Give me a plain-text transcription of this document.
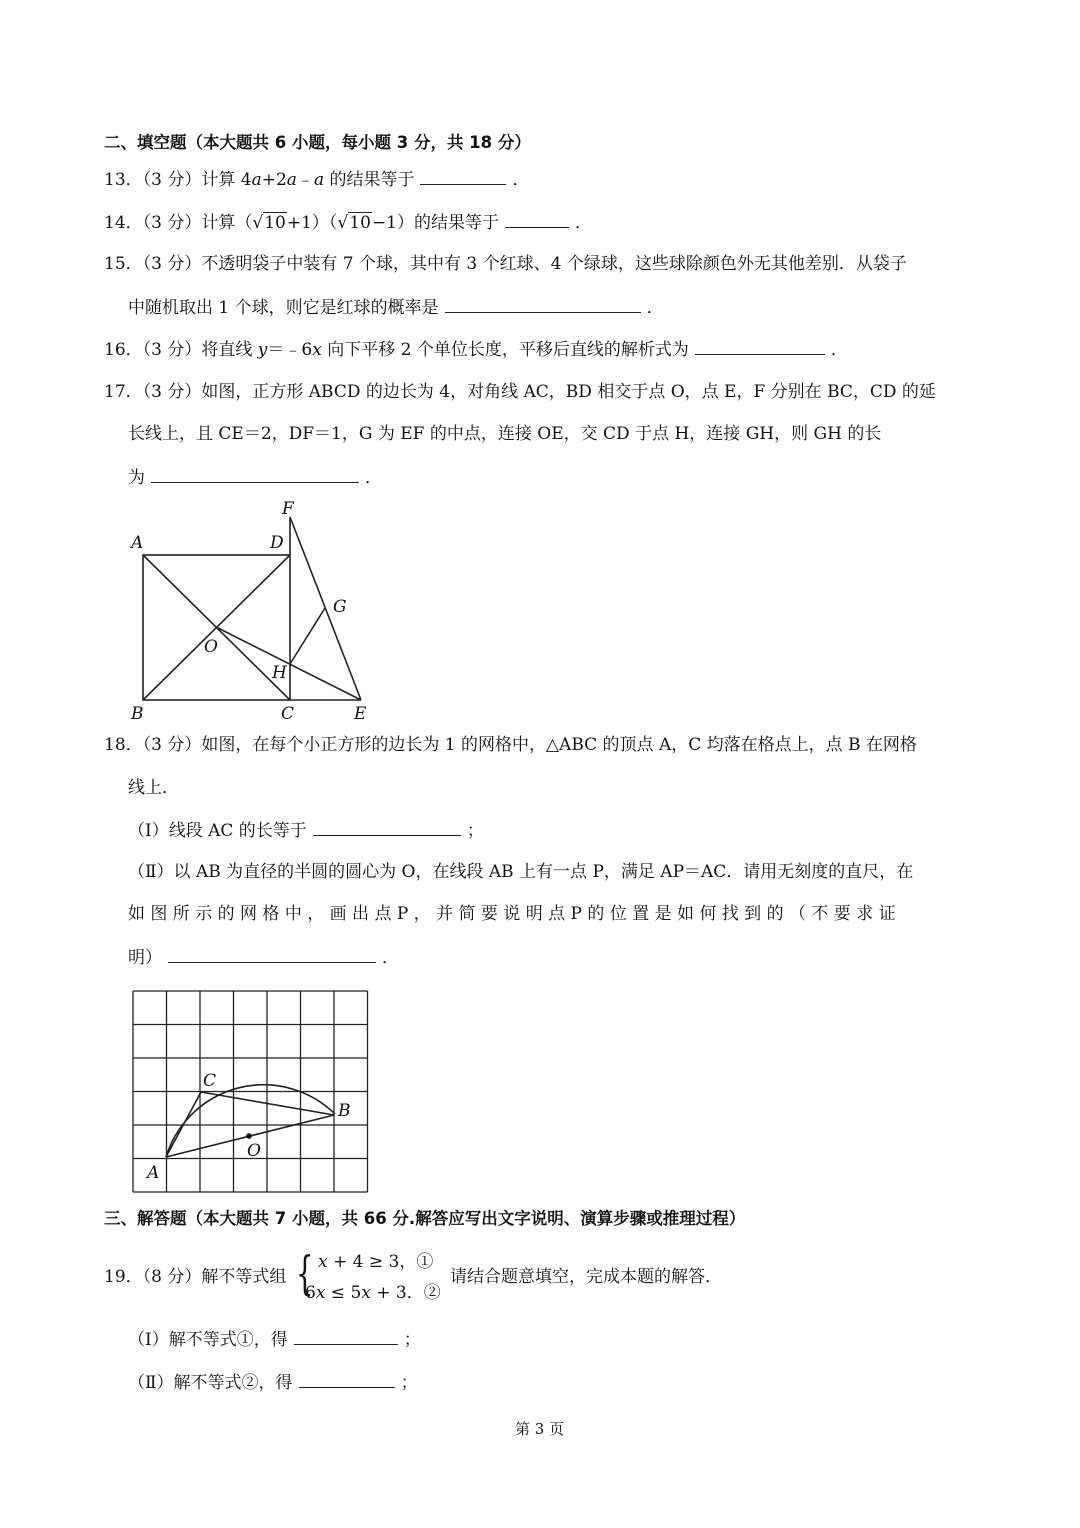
二、填空题（本大题共 6 小题，每小题 3 分，共 18 分）
13．（3 分）计算 4a+2a﹣a 的结果等于	．
14．（3 分）计算（√10+1）（√10−1）的结果等于	．
15．（3 分）不透明袋子中装有 7 个球，其中有 3 个红球、4 个绿球，这些球除颜色外无其他差别．从袋子
中随机取出 1 个球，则它是红球的概率是	．
16．（3 分）将直线 y＝﹣6x 向下平移 2 个单位长度，平移后直线的解析式为	．
17．（3 分）如图，正方形 ABCD 的边长为 4，对角线 AC，BD 相交于点 O，点 E，F 分别在 BC，CD 的延
长线上，且 CE＝2，DF＝1，G 为 EF 的中点，连接 OE，交 CD 于点 H，连接 GH，则 GH 的长
为	．
A
B	C
D
E
F
G
H
O
18．（3 分）如图，在每个小正方形的边长为 1 的网格中，△ABC 的顶点 A，C 均落在格点上，点 B 在网格
线上．
（Ⅰ）线段 AC 的长等于	；
（Ⅱ）以 AB 为直径的半圆的圆心为 O，在线段 AB 上有一点 P，满足 AP＝AC．请用无刻度的直尺，在
如 图 所 示 的 网 格 中 ， 画 出 点 P ， 并 简 要 说 明 点 P 的 位 置 是 如 何 找 到 的 （ 不 要 求 证
明）	．
A
B
C
O
三、解答题（本大题共 7 小题，共 66 分.解答应写出文字说明、演算步骤或推理过程）
19．（8 分）解不等式组 { 𝑥 + 4 ≥ 3，①
6𝑥 ≤ 5𝑥 + 3．②
请结合题意填空，完成本题的解答．
（Ⅰ）解不等式①，得	；
（Ⅱ）解不等式②，得	；
第 3 页
